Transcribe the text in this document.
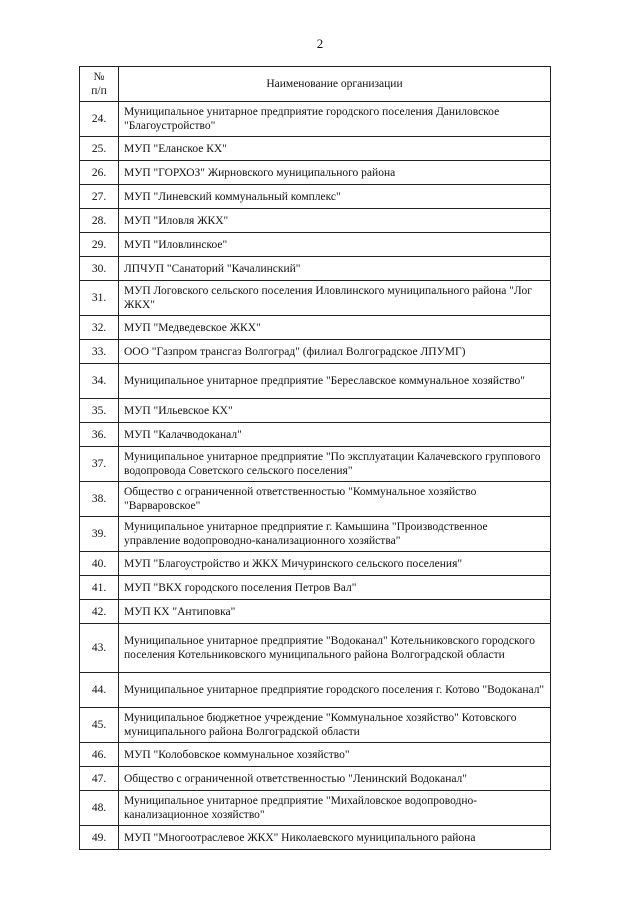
2
№
п/п	Наименование организации
24.	Муниципальное унитарное предприятие городского поселения Даниловское "Благоустройство"
25.	МУП "Еланское КХ"
26.	МУП "ГОРХОЗ" Жирновского муниципального района
27.	МУП "Линевский коммунальный комплекс"
28.	МУП "Иловля ЖКХ"
29.	МУП "Иловлинское"
30.	ЛПЧУП "Санаторий "Качалинский"
31.	МУП Логовского сельского поселения Иловлинского муниципального района "Лог ЖКХ"
32.	МУП "Медведевское ЖКХ"
33.	ООО "Газпром трансгаз Волгоград" (филиал Волгоградское ЛПУМГ)
34.	Муниципальное унитарное предприятие "Береславское коммунальное хозяйство"
35.	МУП "Ильевское КХ"
36.	МУП "Калачводоканал"
37.	Муниципальное унитарное предприятие "По эксплуатации Калачевского группового водопровода Советского сельского поселения"
38.	Общество с ограниченной ответственностью "Коммунальное хозяйство "Варваровское"
39.	Муниципальное унитарное предприятие г. Камышина "Производственное управление водопроводно-канализационного хозяйства"
40.	МУП "Благоустройство и ЖКХ Мичуринского сельского поселения"
41.	МУП "ВКХ городского поселения Петров Вал"
42.	МУП КХ "Антиповка"
43.	Муниципальное унитарное предприятие "Водоканал" Котельниковского городского поселения Котельниковского муниципального района Волгоградской области
44.	Муниципальное унитарное предприятие городского поселения г. Котово "Водоканал"
45.	Муниципальное бюджетное учреждение "Коммунальное хозяйство" Котовского муниципального района Волгоградской области
46.	МУП "Колобовское коммунальное хозяйство"
47.	Общество с ограниченной ответственностью "Ленинский Водоканал"
48.	Муниципальное унитарное предприятие "Михайловское водопроводно-канализационное хозяйство"
49.	МУП "Многоотраслевое ЖКХ" Николаевского муниципального района
